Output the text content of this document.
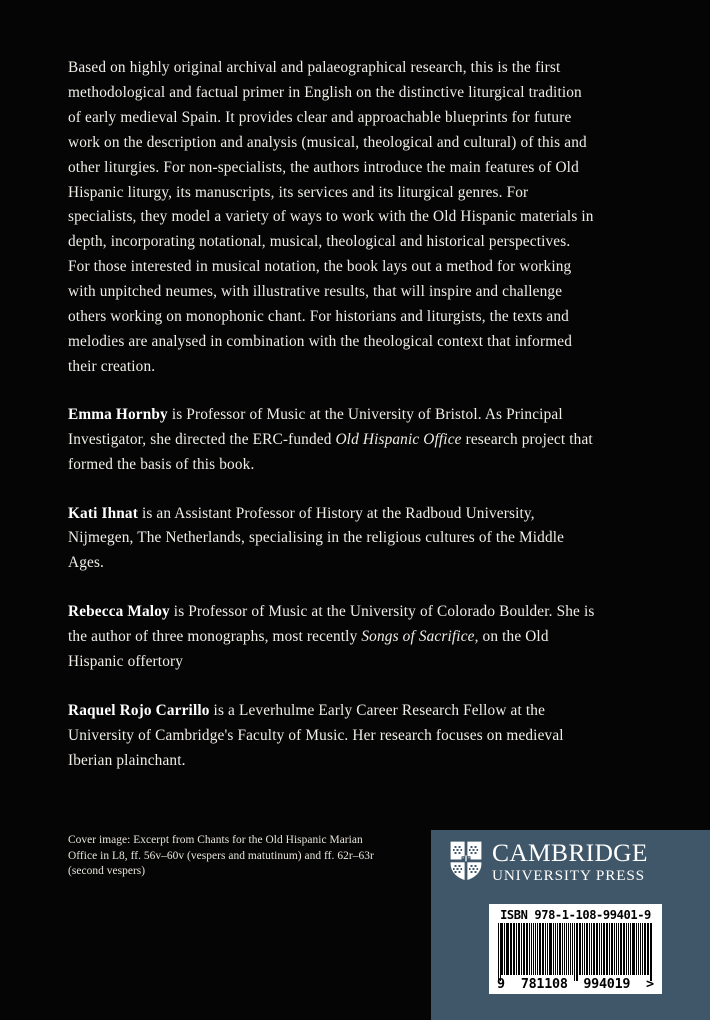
Based on highly original archival and palaeographical research, this is the first methodological and factual primer in English on the distinctive liturgical tradition of early medieval Spain. It provides clear and approachable blueprints for future work on the description and analysis (musical, theological and cultural) of this and other liturgies. For non-specialists, the authors introduce the main features of Old Hispanic liturgy, its manuscripts, its services and its liturgical genres. For specialists, they model a variety of ways to work with the Old Hispanic materials in depth, incorporating notational, musical, theological and historical perspectives. For those interested in musical notation, the book lays out a method for working with unpitched neumes, with illustrative results, that will inspire and challenge others working on monophonic chant. For historians and liturgists, the texts and melodies are analysed in combination with the theological context that informed their creation.

Emma Hornby is Professor of Music at the University of Bristol. As Principal Investigator, she directed the ERC-funded Old Hispanic Office research project that formed the basis of this book.

Kati Ihnat is an Assistant Professor of History at the Radboud University, Nijmegen, The Netherlands, specialising in the religious cultures of the Middle Ages.

Rebecca Maloy is Professor of Music at the University of Colorado Boulder. She is the author of three monographs, most recently Songs of Sacrifice, on the Old Hispanic offertory

Raquel Rojo Carrillo is a Leverhulme Early Career Research Fellow at the University of Cambridge's Faculty of Music. Her research focuses on medieval Iberian plainchant.

Cover image: Excerpt from Chants for the Old Hispanic Marian Office in L8, ff. 56v–60v (vespers and matutinum) and ff. 62r–63r (second vespers)
CAMBRIDGE
UNIVERSITY PRESS
ISBN 978-1-108-99401-9
9 781108 994019 >
